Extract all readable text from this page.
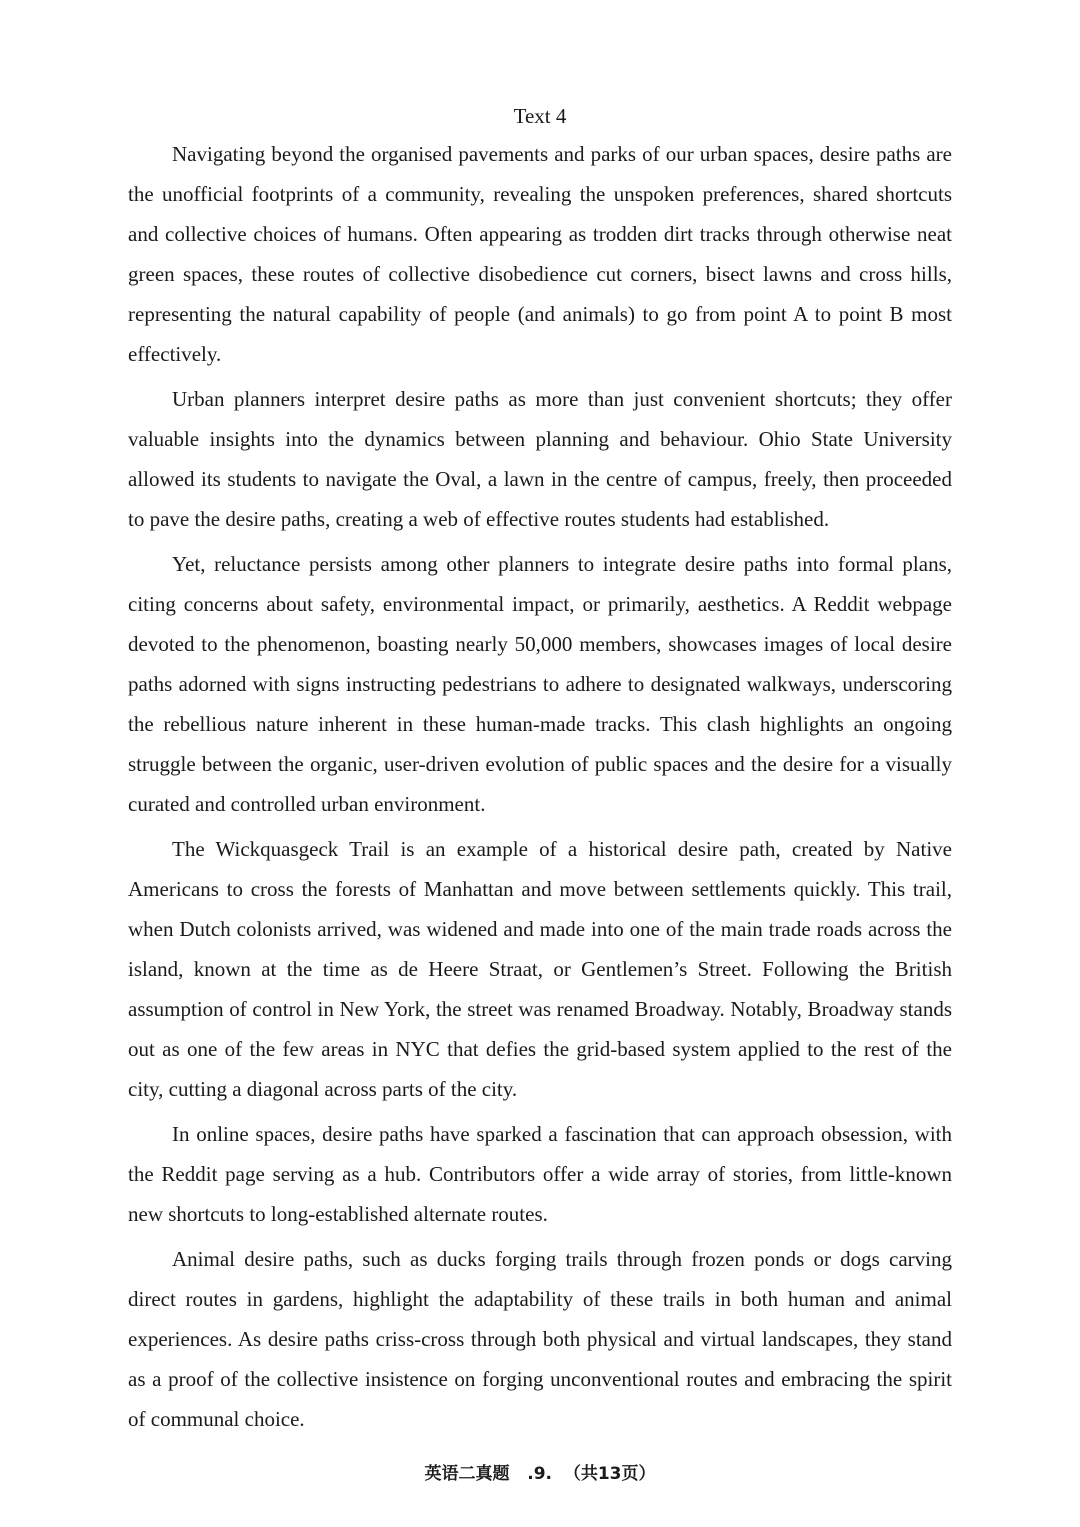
Text 4

Navigating beyond the organised pavements and parks of our urban spaces, desire paths are the unofficial footprints of a community, revealing the unspoken preferences, shared shortcuts and collective choices of humans. Often appearing as trodden dirt tracks through otherwise neat green spaces, these routes of collective disobedience cut corners, bisect lawns and cross hills, representing the natural capability of people (and animals) to go from point A to point B most effectively.

Urban planners interpret desire paths as more than just convenient shortcuts; they offer valuable insights into the dynamics between planning and behaviour. Ohio State University allowed its students to navigate the Oval, a lawn in the centre of campus, freely, then proceeded to pave the desire paths, creating a web of effective routes students had established.

Yet, reluctance persists among other planners to integrate desire paths into formal plans, citing concerns about safety, environmental impact, or primarily, aesthetics. A Reddit webpage devoted to the phenomenon, boasting nearly 50,000 members, showcases images of local desire paths adorned with signs instructing pedestrians to adhere to designated walkways, underscoring the rebellious nature inherent in these human-made tracks. This clash highlights an ongoing struggle between the organic, user-driven evolution of public spaces and the desire for a visually curated and controlled urban environment.

The Wickquasgeck Trail is an example of a historical desire path, created by Native Americans to cross the forests of Manhattan and move between settlements quickly. This trail, when Dutch colonists arrived, was widened and made into one of the main trade roads across the island, known at the time as de Heere Straat, or Gentlemen’s Street. Following the British assumption of control in New York, the street was renamed Broadway. Notably, Broadway stands out as one of the few areas in NYC that defies the grid-based system applied to the rest of the city, cutting a diagonal across parts of the city.

In online spaces, desire paths have sparked a fascination that can approach obsession, with the Reddit page serving as a hub. Contributors offer a wide array of stories, from little-known new shortcuts to long-established alternate routes.

Animal desire paths, such as ducks forging trails through frozen ponds or dogs carving direct routes in gardens, highlight the adaptability of these trails in both human and animal experiences. As desire paths criss-cross through both physical and virtual landscapes, they stand as a proof of the collective insistence on forging unconventional routes and embracing the spirit of communal choice.

英语二真题 .9. （共13页）
